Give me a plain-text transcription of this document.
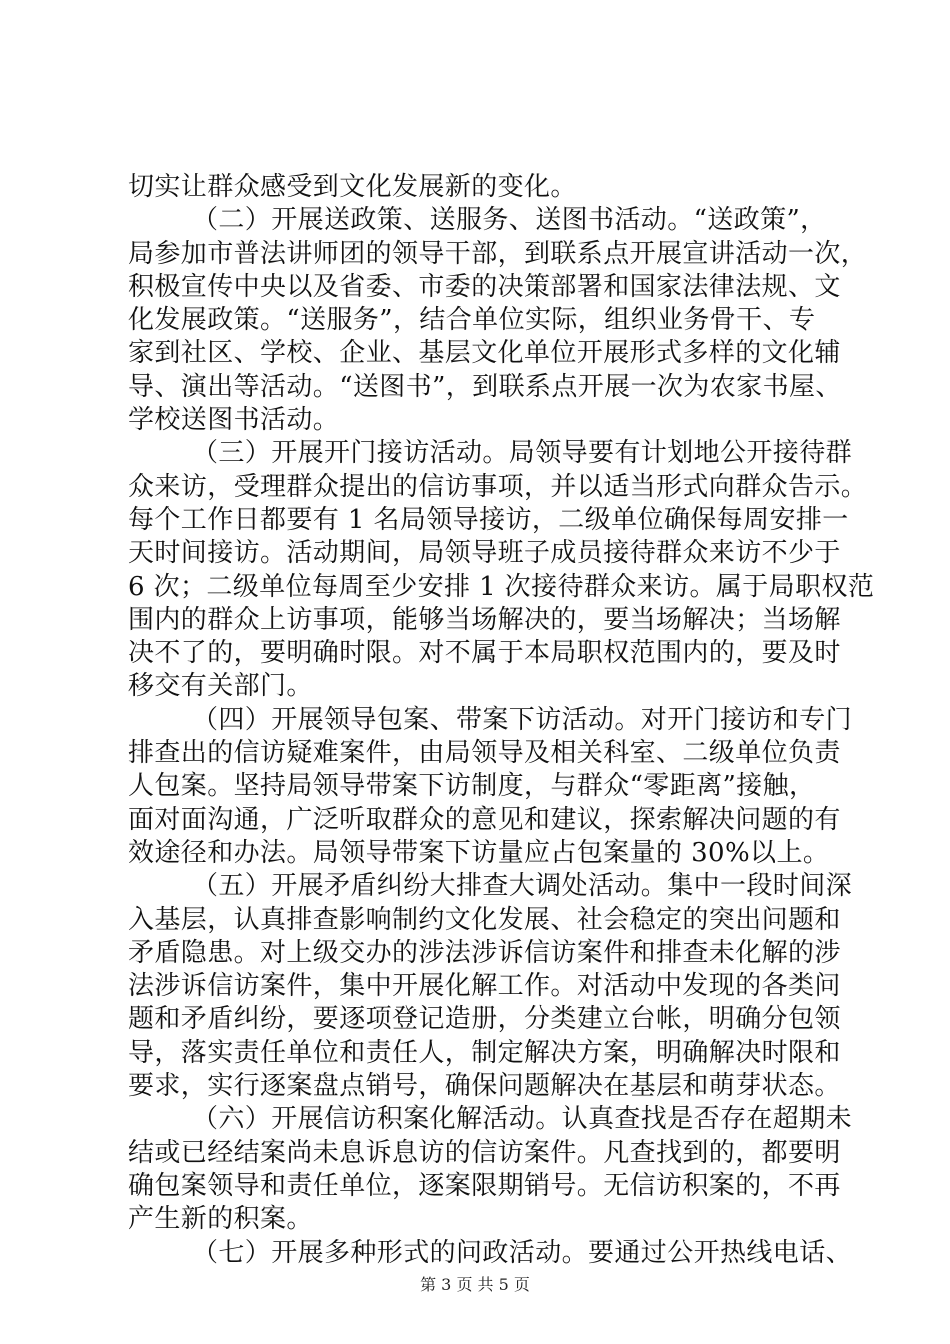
切实让群众感受到文化发展新的变化。
（二）开展送政策、送服务、送图书活动。“送政策”，
局参加市普法讲师团的领导干部，到联系点开展宣讲活动一次，
积极宣传中央以及省委、市委的决策部署和国家法律法规、文
化发展政策。“送服务”，结合单位实际，组织业务骨干、专
家到社区、学校、企业、基层文化单位开展形式多样的文化辅
导、演出等活动。“送图书”，到联系点开展一次为农家书屋、
学校送图书活动。
（三）开展开门接访活动。局领导要有计划地公开接待群
众来访，受理群众提出的信访事项，并以适当形式向群众告示。
每个工作日都要有 1 名局领导接访，二级单位确保每周安排一
天时间接访。活动期间，局领导班子成员接待群众来访不少于
6 次；二级单位每周至少安排 1 次接待群众来访。属于局职权范
围内的群众上访事项，能够当场解决的，要当场解决；当场解
决不了的，要明确时限。对不属于本局职权范围内的，要及时
移交有关部门。
（四）开展领导包案、带案下访活动。对开门接访和专门
排查出的信访疑难案件，由局领导及相关科室、二级单位负责
人包案。坚持局领导带案下访制度，与群众“零距离”接触，
面对面沟通，广泛听取群众的意见和建议，探索解决问题的有
效途径和办法。局领导带案下访量应占包案量的 30%以上。
（五）开展矛盾纠纷大排查大调处活动。集中一段时间深
入基层，认真排查影响制约文化发展、社会稳定的突出问题和
矛盾隐患。对上级交办的涉法涉诉信访案件和排查未化解的涉
法涉诉信访案件，集中开展化解工作。对活动中发现的各类问
题和矛盾纠纷，要逐项登记造册，分类建立台帐，明确分包领
导，落实责任单位和责任人，制定解决方案，明确解决时限和
要求，实行逐案盘点销号，确保问题解决在基层和萌芽状态。
（六）开展信访积案化解活动。认真查找是否存在超期未
结或已经结案尚未息诉息访的信访案件。凡查找到的，都要明
确包案领导和责任单位，逐案限期销号。无信访积案的，不再
产生新的积案。
（七）开展多种形式的问政活动。要通过公开热线电话、
第 3 页 共 5 页
